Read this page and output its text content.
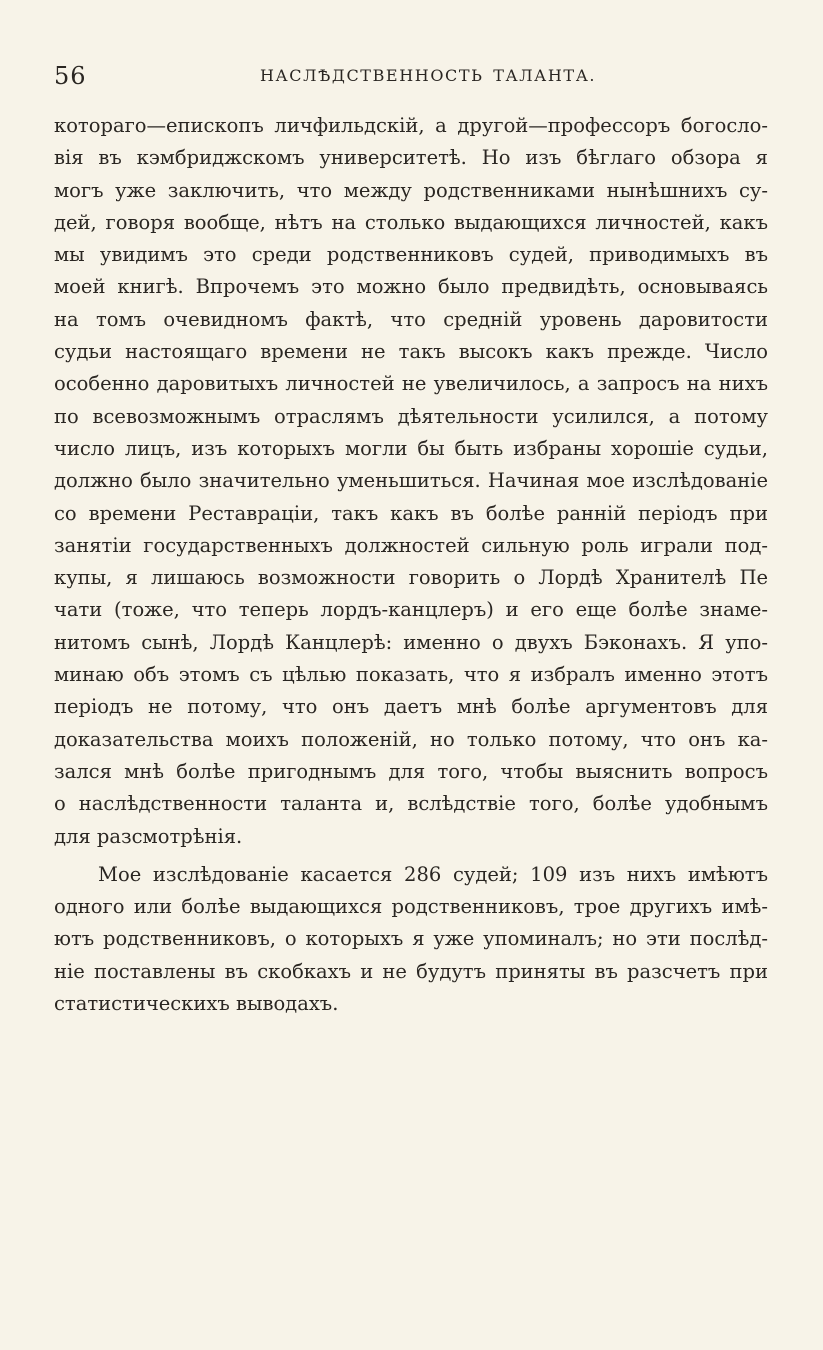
56	НАСЛѢДСТВЕННОСТЬ ТАЛАНТА.
котораго—епископъ личфильдскій, а другой—профессоръ богосло-
вія въ кэмбриджскомъ университетѣ. Но изъ бѣглаго обзора я
могъ уже заключить, что между родственниками нынѣшнихъ су-
дей, говоря вообще, нѣтъ на столько выдающихся личностей, какъ
мы увидимъ это среди родственниковъ судей, приводимыхъ въ
моей книгѣ. Впрочемъ это можно было предвидѣть, основываясь
на томъ очевидномъ фактѣ, что средній уровень даровитости
судьи настоящаго времени не такъ высокъ какъ прежде. Число
особенно даровитыхъ личностей не увеличилось, а запросъ на нихъ
по всевозможнымъ отраслямъ дѣятельности усилился, а потому
число лицъ, изъ которыхъ могли бы быть избраны хорошіе судьи,
должно было значительно уменьшиться. Начиная мое изслѣдованіе
со времени Реставраціи, такъ какъ въ болѣе раннiй періодъ при
занятіи государственныхъ должностей сильную роль играли под-
купы, я лишаюсь возможности говорить о Лордѣ Хранителѣ Пе
чати (тоже, что теперь лордъ-канцлеръ) и его еще болѣе знаме-
нитомъ сынѣ, Лордѣ Канцлерѣ: именно о двухъ Бэконахъ. Я упо-
минаю объ этомъ съ цѣлью показать, что я избралъ именно этотъ
періодъ не потому, что онъ даетъ мнѣ болѣе аргументовъ для
доказательства моихъ положеній, но только потому, что онъ ка-
зался мнѣ болѣе пригоднымъ для того, чтобы выяснить вопросъ
о наслѣдственности таланта и, вслѣдствіе того, болѣе удобнымъ
для разсмотрѣнія.
Мое изслѣдованіе касается 286 судей; 109 изъ нихъ имѣютъ
одного или болѣе выдающихся родственниковъ, трое другихъ имѣ-
ютъ родственниковъ, о которыхъ я уже упоминалъ; но эти послѣд-
ніе поставлены въ скобкахъ и не будутъ приняты въ разсчетъ при
статистическихъ выводахъ.
